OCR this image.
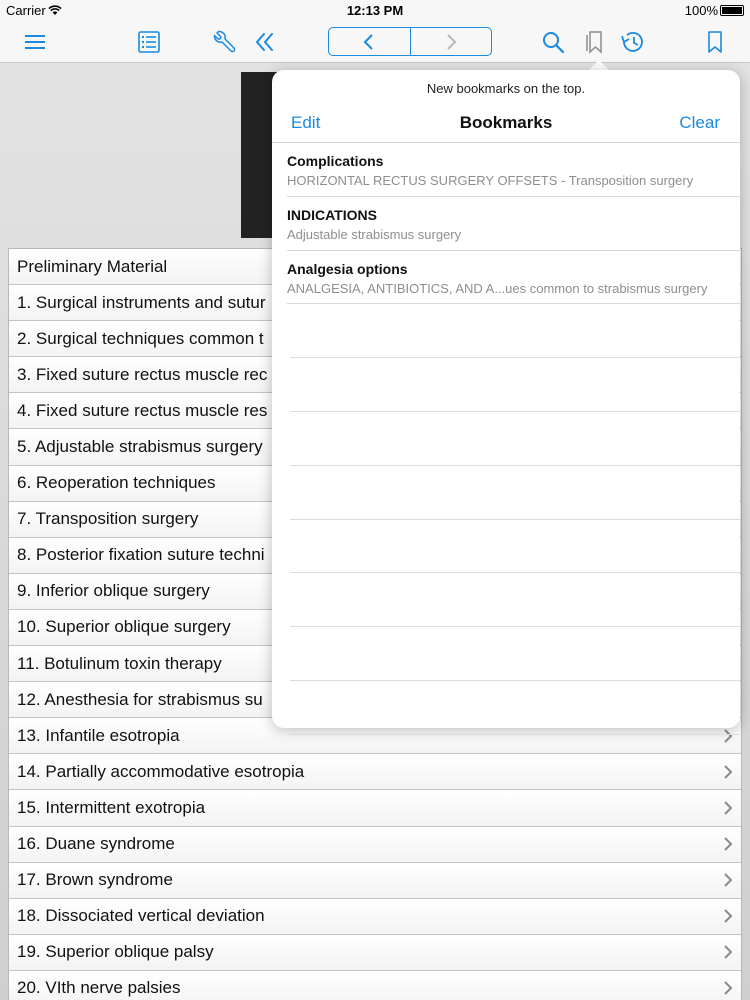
Carrier	12:13 PM	100%
Preliminary Material
1. Surgical instruments and sutur
2. Surgical techniques common t
3. Fixed suture rectus muscle rec
4. Fixed suture rectus muscle res
5. Adjustable strabismus surgery
6. Reoperation techniques
7. Transposition surgery
8. Posterior fixation suture techni
9. Inferior oblique surgery
10. Superior oblique surgery
11. Botulinum toxin therapy
12. Anesthesia for strabismus su
13. Infantile esotropia
14. Partially accommodative esotropia
15. Intermittent exotropia
16. Duane syndrome
17. Brown syndrome
18. Dissociated vertical deviation
19. Superior oblique palsy
20. VIth nerve palsies
New bookmarks on the top.
Edit	Bookmarks	Clear
Complications
HORIZONTAL RECTUS SURGERY OFFSETS - Transposition surgery
INDICATIONS
Adjustable strabismus surgery
Analgesia options
ANALGESIA, ANTIBIOTICS, AND A...ues common to strabismus surgery
